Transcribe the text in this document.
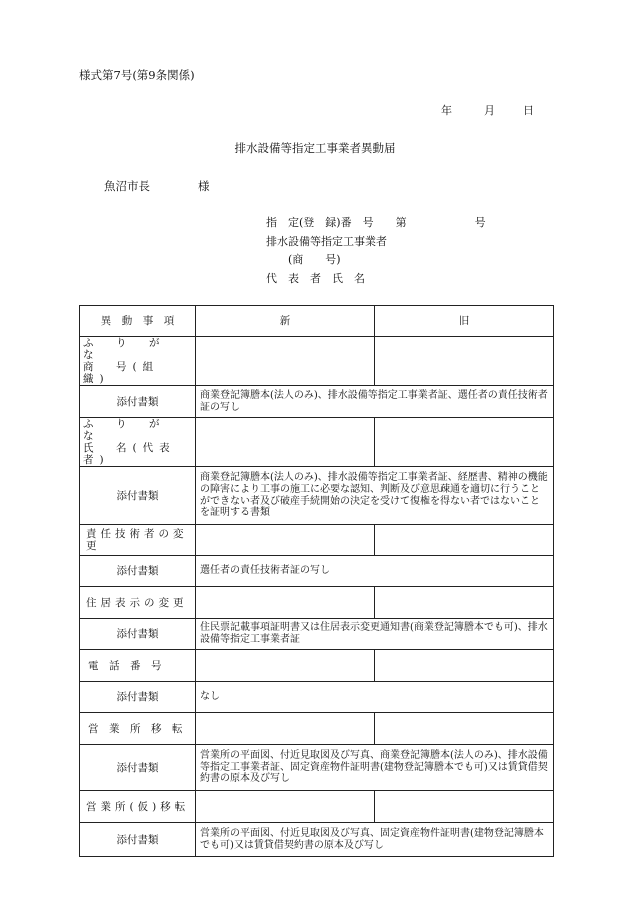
様式第7号(第9条関係)
年	月	日
排水設備等指定工事業者異動届
魚沼市長	様
指　定(登　録)番　号 第	号
排水設備等指定工事業者
(商　　号)
代　表　者　氏　名
異　動　事　項	新	旧

ふ　り　が　な
商　号(組　織)		

添付書類	商業登記簿謄本(法人のみ)、排水設備等指定工事業者証、選任者の責任技術者証の写し	

ふ　り　が　な
氏　名(代表者)		

添付書類	商業登記簿謄本(法人のみ)、排水設備等指定工事業者証、経歴書、精神の機能の障害により工事の施工に必要な認知、判断及び意思疎通を適切に行うことができない者及び破産手続開始の決定を受けて復権を得ない者ではないことを証明する書類	
責任技術者の変更		
添付書類	選任者の責任技術者証の写し	
住居表示の変更		
添付書類	住民票記載事項証明書又は住居表示変更通知書(商業登記簿謄本でも可)、排水設備等指定工事業者証	
電　話　番　号		
添付書類	なし	
営　業　所　移　転		
添付書類	営業所の平面図、付近見取図及び写真、商業登記簿謄本(法人のみ)、排水設備等指定工事業者証、固定資産物件証明書(建物登記簿謄本でも可)又は賃貸借契約書の原本及び写し	
営業所(仮)移転		
添付書類	営業所の平面図、付近見取図及び写真、固定資産物件証明書(建物登記簿謄本でも可)又は賃貸借契約書の原本及び写し	
